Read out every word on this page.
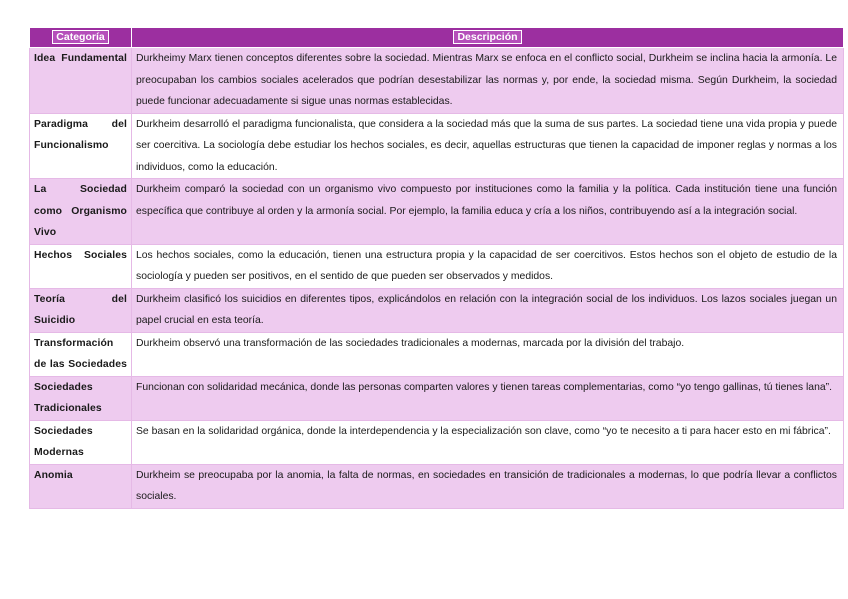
Categoría	Descripción
Idea Fundamental	Durkheimy Marx tienen conceptos diferentes sobre la sociedad. Mientras Marx se enfoca en el conflicto social, Durkheim se inclina hacia la armonía. Le preocupaban los cambios sociales acelerados que podrían desestabilizar las normas y, por ende, la sociedad misma. Según Durkheim, la sociedad puede funcionar adecuadamente si sigue unas normas establecidas.
Paradigma del Funcionalismo	Durkheim desarrolló el paradigma funcionalista, que considera a la sociedad más que la suma de sus partes. La sociedad tiene una vida propia y puede ser coercitiva. La sociología debe estudiar los hechos sociales, es decir, aquellas estructuras que tienen la capacidad de imponer reglas y normas a los individuos, como la educación.
La Sociedad como Organismo Vivo	Durkheim comparó la sociedad con un organismo vivo compuesto por instituciones como la familia y la política. Cada institución tiene una función específica que contribuye al orden y la armonía social. Por ejemplo, la familia educa y cría a los niños, contribuyendo así a la integración social.
Hechos Sociales	Los hechos sociales, como la educación, tienen una estructura propia y la capacidad de ser coercitivos. Estos hechos son el objeto de estudio de la sociología y pueden ser positivos, en el sentido de que pueden ser observados y medidos.
Teoría del Suicidio	Durkheim clasificó los suicidios en diferentes tipos, explicándolos en relación con la integración social de los individuos. Los lazos sociales juegan un papel crucial en esta teoría.
Transformación de las Sociedades	Durkheim observó una transformación de las sociedades tradicionales a modernas, marcada por la división del trabajo.
Sociedades Tradicionales	Funcionan con solidaridad mecánica, donde las personas comparten valores y tienen tareas complementarias, como “yo tengo gallinas, tú tienes lana”.
Sociedades Modernas	Se basan en la solidaridad orgánica, donde la interdependencia y la especialización son clave, como “yo te necesito a ti para hacer esto en mi fábrica”.
Anomia	Durkheim se preocupaba por la anomia, la falta de normas, en sociedades en transición de tradicionales a modernas, lo que podría llevar a conflictos sociales.
